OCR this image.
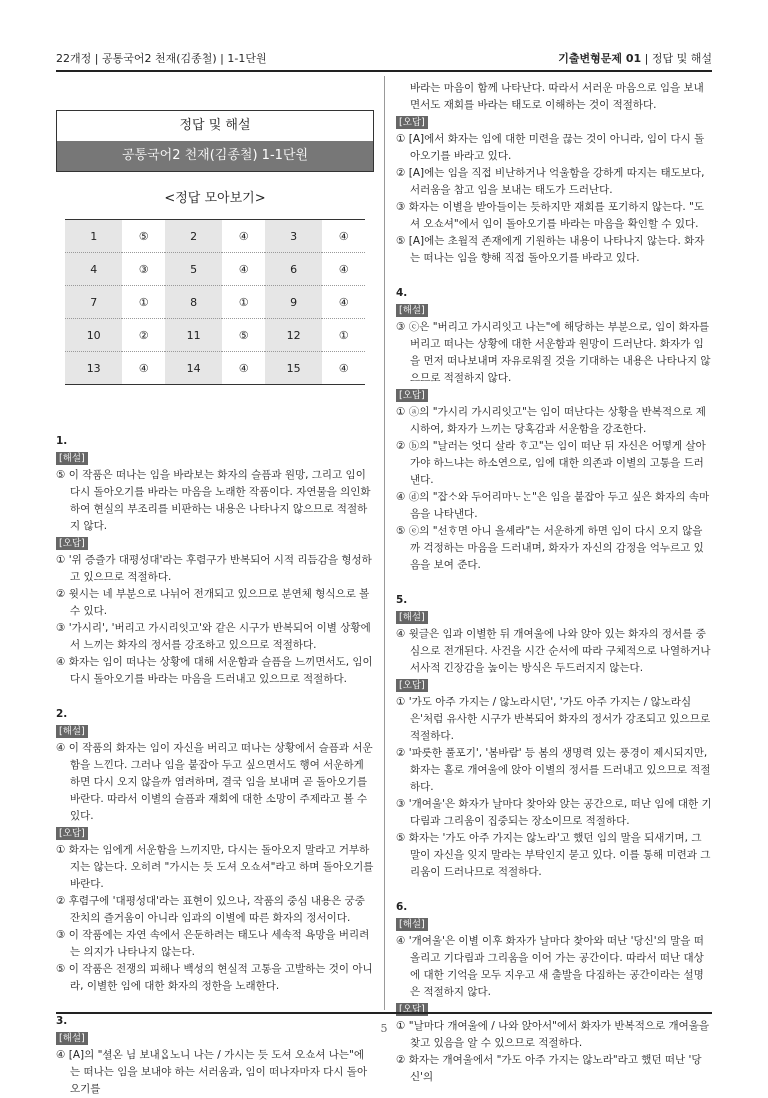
22개정 | 공통국어2 천재(김종철) | 1-1단원	기출변형문제 01 | 정답 및 해설
정답 및 해설
공통국어2 천재(김종철) 1-1단원
<정답 모아보기>
1	⑤	2	④	3	④
4	③	5	④	6	④
7	①	8	①	9	④
10	②	11	⑤	12	①
13	④	14	④	15	④
1.
[해설]
⑤ 이 작품은 떠나는 임을 바라보는 화자의 슬픔과 원망, 그리고 임이 다시 돌아오기를 바라는 마음을 노래한 작품이다. 자연물을 의인화하여 현실의 부조리를 비판하는 내용은 나타나지 않으므로 적절하지 않다.
[오답]
① '위 증즐가 대평성대'라는 후렴구가 반복되어 시적 리듬감을 형성하고 있으므로 적절하다.
② 윗시는 네 부분으로 나뉘어 전개되고 있으므로 분연체 형식으로 볼 수 있다.
③ '가시리', '버리고 가시리잇고'와 같은 시구가 반복되어 이별 상황에서 느끼는 화자의 정서를 강조하고 있으므로 적절하다.
④ 화자는 임이 떠나는 상황에 대해 서운함과 슬픔을 느끼면서도, 임이 다시 돌아오기를 바라는 마음을 드러내고 있으므로 적절하다.
2.
[해설]
④ 이 작품의 화자는 임이 자신을 버리고 떠나는 상황에서 슬픔과 서운함을 느낀다. 그러나 임을 붙잡아 두고 싶으면서도 행여 서운하게 하면 다시 오지 않을까 염려하며, 결국 임을 보내며 곧 돌아오기를 바란다. 따라서 이별의 슬픔과 재회에 대한 소망이 주제라고 볼 수 있다.
[오답]
① 화자는 임에게 서운함을 느끼지만, 다시는 돌아오지 말라고 거부하지는 않는다. 오히려 "가시는 듯 도셔 오쇼셔"라고 하며 돌아오기를 바란다.
② 후렴구에 '대평성대'라는 표현이 있으나, 작품의 중심 내용은 궁중 잔치의 즐거움이 아니라 임과의 이별에 따른 화자의 정서이다.
③ 이 작품에는 자연 속에서 은둔하려는 태도나 세속적 욕망을 버리려는 의지가 나타나지 않는다.
⑤ 이 작품은 전쟁의 피해나 백성의 현실적 고통을 고발하는 것이 아니라, 이별한 임에 대한 화자의 정한을 노래한다.
3.
[해설]
④ [A]의 "셜온 님 보내ᄋᆞᆸ노니 나는 / 가시는 듯 도셔 오쇼셔 나는"에는 떠나는 임을 보내야 하는 서러움과, 임이 떠나자마자 다시 돌아오기를
바라는 마음이 함께 나타난다. 따라서 서러운 마음으로 임을 보내면서도 재회를 바라는 태도로 이해하는 것이 적절하다.
[오답]
① [A]에서 화자는 임에 대한 미련을 끊는 것이 아니라, 임이 다시 돌아오기를 바라고 있다.
② [A]에는 임을 직접 비난하거나 억울함을 강하게 따지는 태도보다, 서러움을 참고 임을 보내는 태도가 드러난다.
③ 화자는 이별을 받아들이는 듯하지만 재회를 포기하지 않는다. "도셔 오쇼셔"에서 임이 돌아오기를 바라는 마음을 확인할 수 있다.
⑤ [A]에는 초월적 존재에게 기원하는 내용이 나타나지 않는다. 화자는 떠나는 임을 향해 직접 돌아오기를 바라고 있다.
4.
[해설]
③ ⓒ은 "버리고 가시리잇고 나는"에 해당하는 부분으로, 임이 화자를 버리고 떠나는 상황에 대한 서운함과 원망이 드러난다. 화자가 임을 먼저 떠나보내며 자유로워질 것을 기대하는 내용은 나타나지 않으므로 적절하지 않다.
[오답]
① ⓐ의 "가시리 가시리잇고"는 임이 떠난다는 상황을 반복적으로 제시하여, 화자가 느끼는 당혹감과 서운함을 강조한다.
② ⓑ의 "날러는 엇디 살라 ᄒᆞ고"는 임이 떠난 뒤 자신은 어떻게 살아가야 하느냐는 하소연으로, 임에 대한 의존과 이별의 고통을 드러낸다.
④ ⓓ의 "잡ᄉᆞ와 두어리마ᄂᆞᄂᆞᆫ"은 임을 붙잡아 두고 싶은 화자의 속마음을 나타낸다.
⑤ ⓔ의 "선ᄒᆞ면 아니 올셰라"는 서운하게 하면 임이 다시 오지 않을까 걱정하는 마음을 드러내며, 화자가 자신의 감정을 억누르고 있음을 보여 준다.
5.
[해설]
④ 윗글은 임과 이별한 뒤 개여울에 나와 앉아 있는 화자의 정서를 중심으로 전개된다. 사건을 시간 순서에 따라 구체적으로 나열하거나 서사적 긴장감을 높이는 방식은 두드러지지 않는다.
[오답]
① '가도 아주 가지는 / 않노라시던', '가도 아주 가지는 / 않노라심은'처럼 유사한 시구가 반복되어 화자의 정서가 강조되고 있으므로 적절하다.
② '파릇한 풀포기', '봄바람' 등 봄의 생명력 있는 풍경이 제시되지만, 화자는 홀로 개여울에 앉아 이별의 정서를 드러내고 있으므로 적절하다.
③ '개여울'은 화자가 날마다 찾아와 앉는 공간으로, 떠난 임에 대한 기다림과 그리움이 집중되는 장소이므로 적절하다.
⑤ 화자는 '가도 아주 가지는 않노라'고 했던 임의 말을 되새기며, 그 말이 자신을 잊지 말라는 부탁인지 묻고 있다. 이를 통해 미련과 그리움이 드러나므로 적절하다.
6.
[해설]
④ '개여울'은 이별 이후 화자가 날마다 찾아와 떠난 '당신'의 말을 떠올리고 기다림과 그리움을 이어 가는 공간이다. 따라서 떠난 대상에 대한 기억을 모두 지우고 새 출발을 다짐하는 공간이라는 설명은 적절하지 않다.
[오답]
① "날마다 개여울에 / 나와 앉아서"에서 화자가 반복적으로 개여울을 찾고 있음을 알 수 있으므로 적절하다.
② 화자는 개여울에서 "가도 아주 가지는 않노라"라고 했던 떠난 '당신'의
5
